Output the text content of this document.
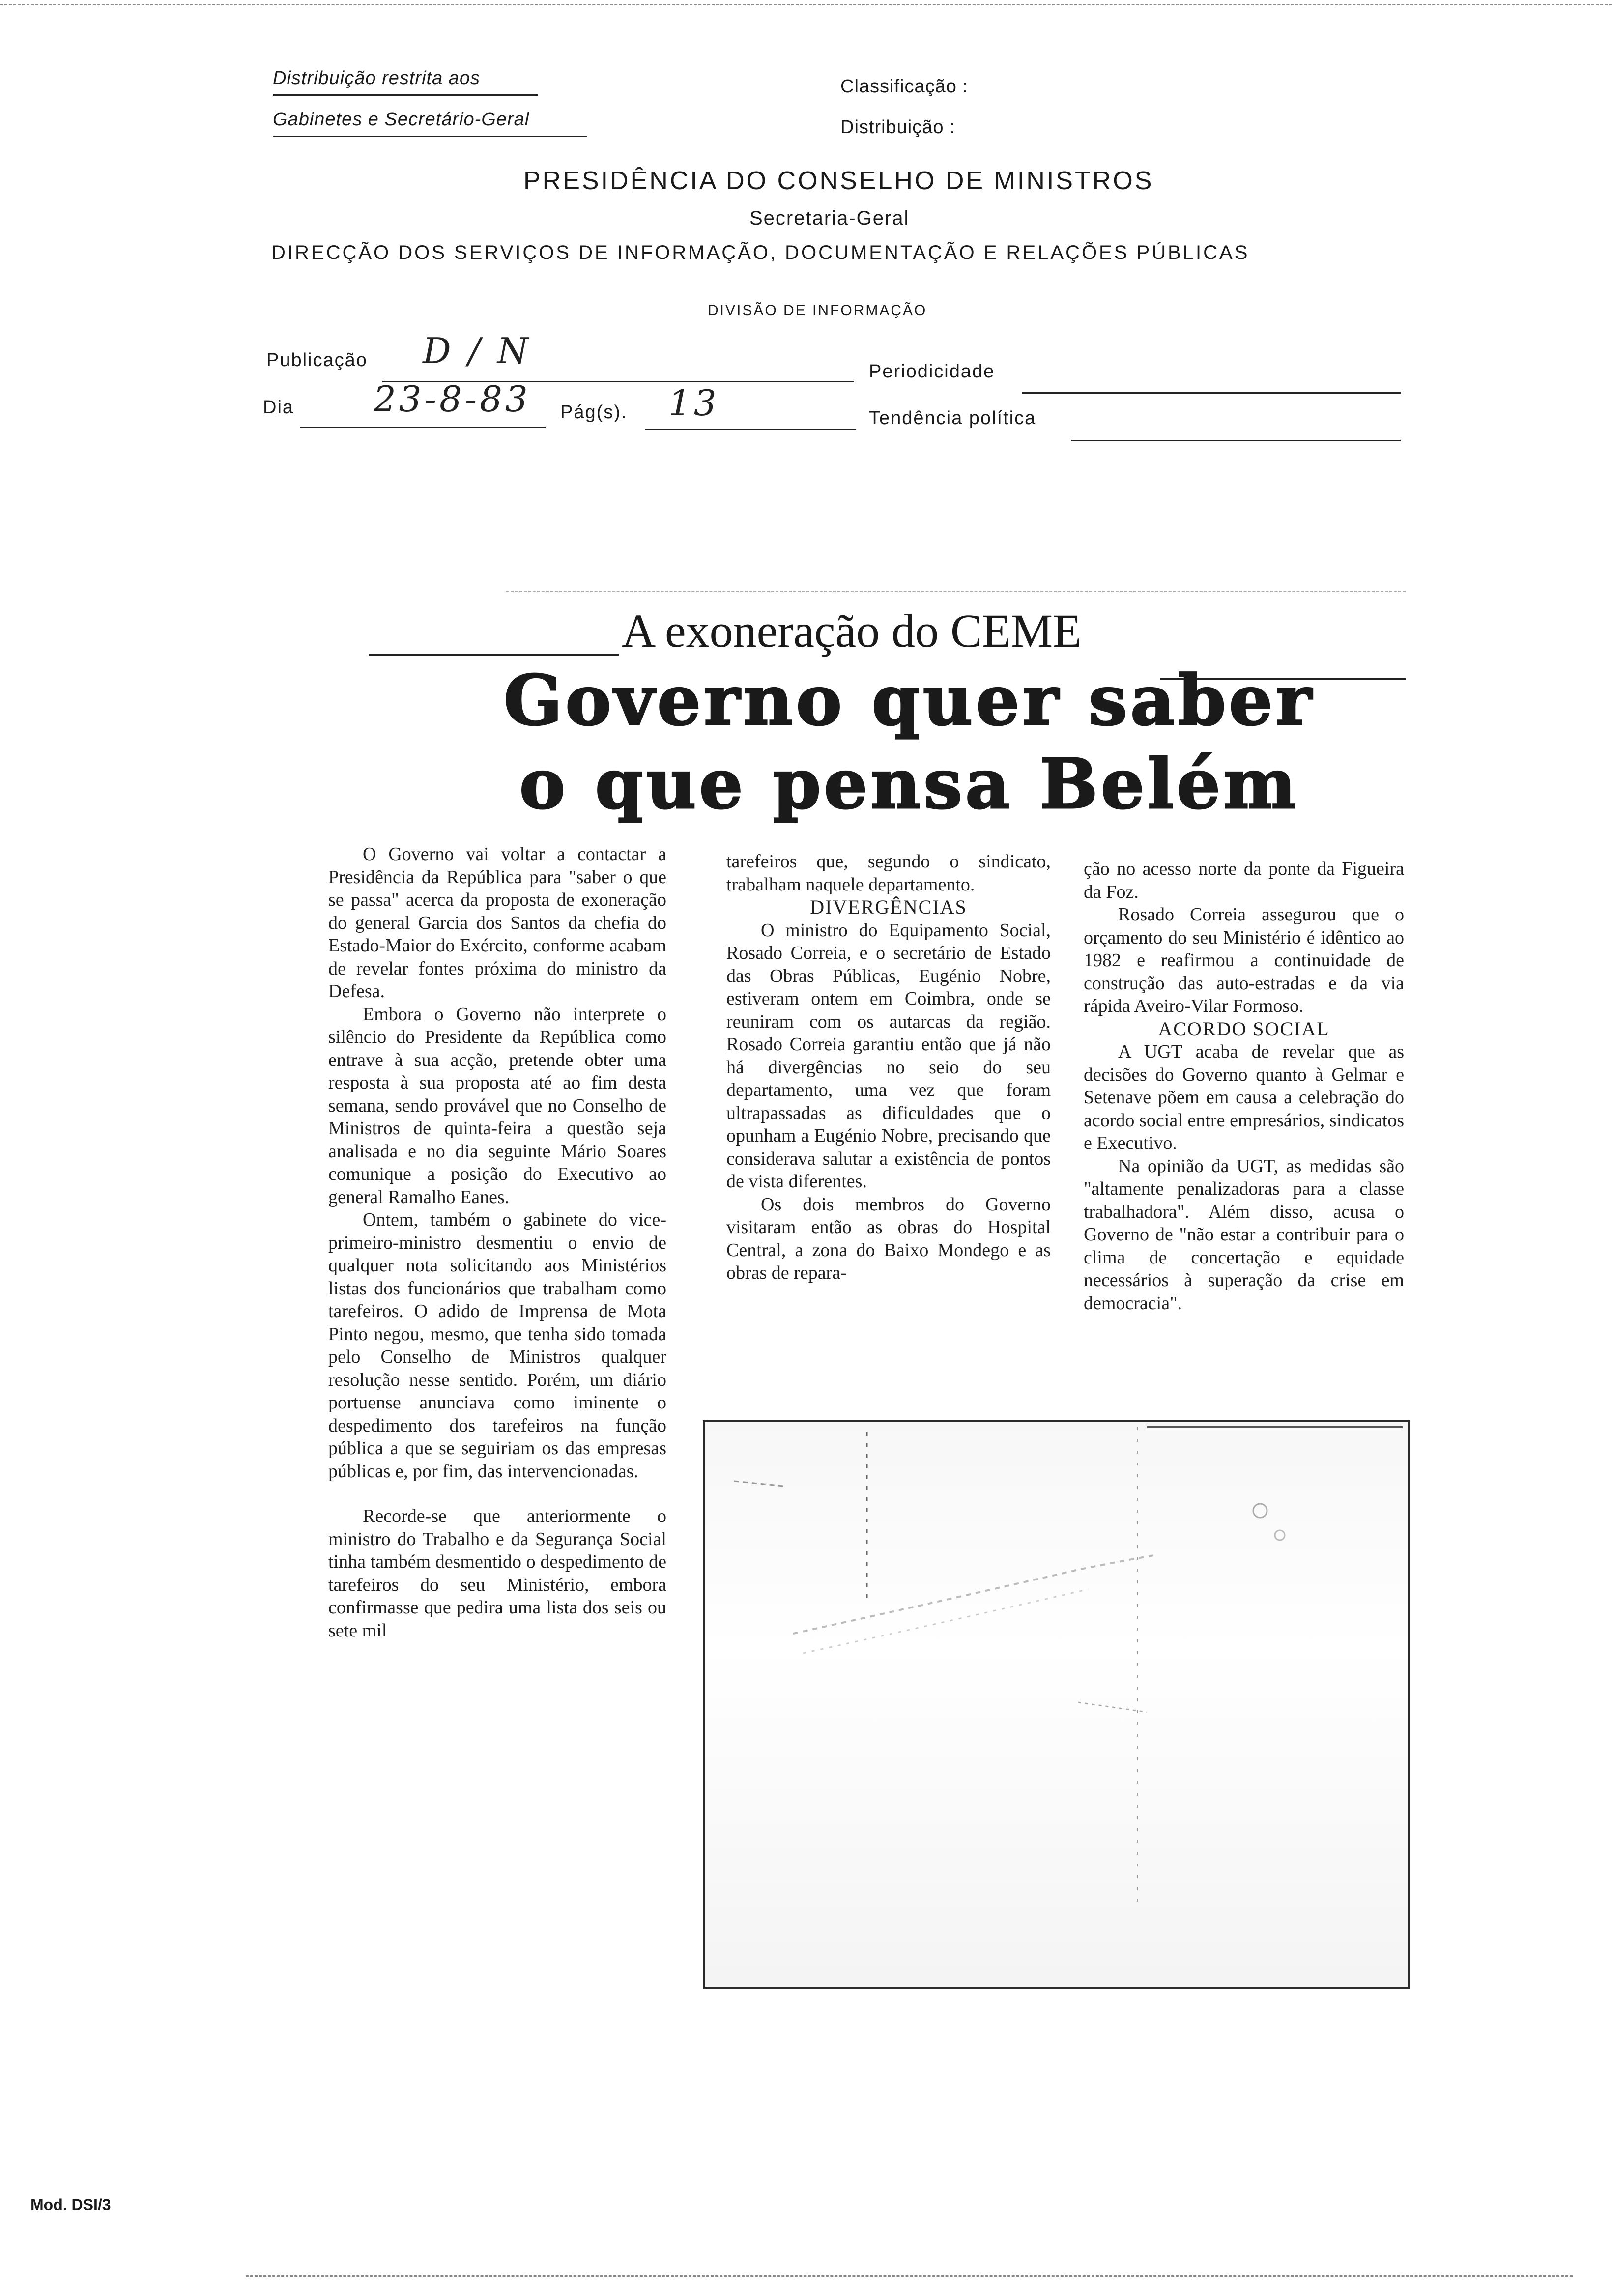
Distribuição restrita aos
Gabinetes e Secretário-Geral
Classificação :
Distribuição :
PRESIDÊNCIA DO CONSELHO DE MINISTROS
Secretaria-Geral
DIRECÇÃO DOS SERVIÇOS DE INFORMAÇÃO, DOCUMENTAÇÃO E RELAÇÕES PÚBLICAS
DIVISÃO DE INFORMAÇÃO
Publicação D / N	Periodicidade
Dia 23-8-83 Pág(s). 13	Tendência política
A exoneração do CEME
Governo quer saber
o que pensa Belém

O Governo vai voltar a contactar a Presidência da República para "saber o que se passa" acerca da proposta de exoneração do general Garcia dos Santos da chefia do Estado-Maior do Exército, conforme acabam de revelar fontes próxima do ministro da Defesa.

Embora o Governo não interprete o silêncio do Presidente da República como entrave à sua acção, pretende obter uma resposta à sua proposta até ao fim desta semana, sendo provável que no Conselho de Ministros de quinta-feira a questão seja analisada e no dia seguinte Mário Soares comunique a posição do Executivo ao general Ramalho Eanes.

Ontem, também o gabinete do vice-primeiro-ministro desmentiu o envio de qualquer nota solicitando aos Ministérios listas dos funcionários que trabalham como tarefeiros. O adido de Imprensa de Mota Pinto negou, mesmo, que tenha sido tomada pelo Conselho de Ministros qualquer resolução nesse sentido. Porém, um diário portuense anunciava como iminente o despedimento dos tarefeiros na função pública a que se seguiriam os das empresas públicas e, por fim, das intervencionadas.

Recorde-se que anteriormente o ministro do Trabalho e da Segurança Social tinha também desmentido o despedimento de tarefeiros do seu Ministério, embora confirmasse que pedira uma lista dos seis ou sete mil

tarefeiros que, segundo o sindicato, trabalham naquele departamento.

DIVERGÊNCIAS

O ministro do Equipamento Social, Rosado Correia, e o secretário de Estado das Obras Públicas, Eugénio Nobre, estiveram ontem em Coimbra, onde se reuniram com os autarcas da região. Rosado Correia garantiu então que já não há divergências no seio do seu departamento, uma vez que foram ultrapassadas as dificuldades que o opunham a Eugénio Nobre, precisando que considerava salutar a existência de pontos de vista diferentes.

Os dois membros do Governo visitaram então as obras do Hospital Central, a zona do Baixo Mondego e as obras de repara-

ção no acesso norte da ponte da Figueira da Foz.

Rosado Correia assegurou que o orçamento do seu Ministério é idêntico ao 1982 e reafirmou a continuidade de construção das auto-estradas e da via rápida Aveiro-Vilar Formoso.

ACORDO SOCIAL

A UGT acaba de revelar que as decisões do Governo quanto à Gelmar e Setenave põem em causa a celebração do acordo social entre empresários, sindicatos e Executivo.

Na opinião da UGT, as medidas são "altamente penalizadoras para a classe trabalhadora". Além disso, acusa o Governo de "não estar a contribuir para o clima de concertação e equidade necessários à superação da crise em democracia".

Mod. DSI/3
